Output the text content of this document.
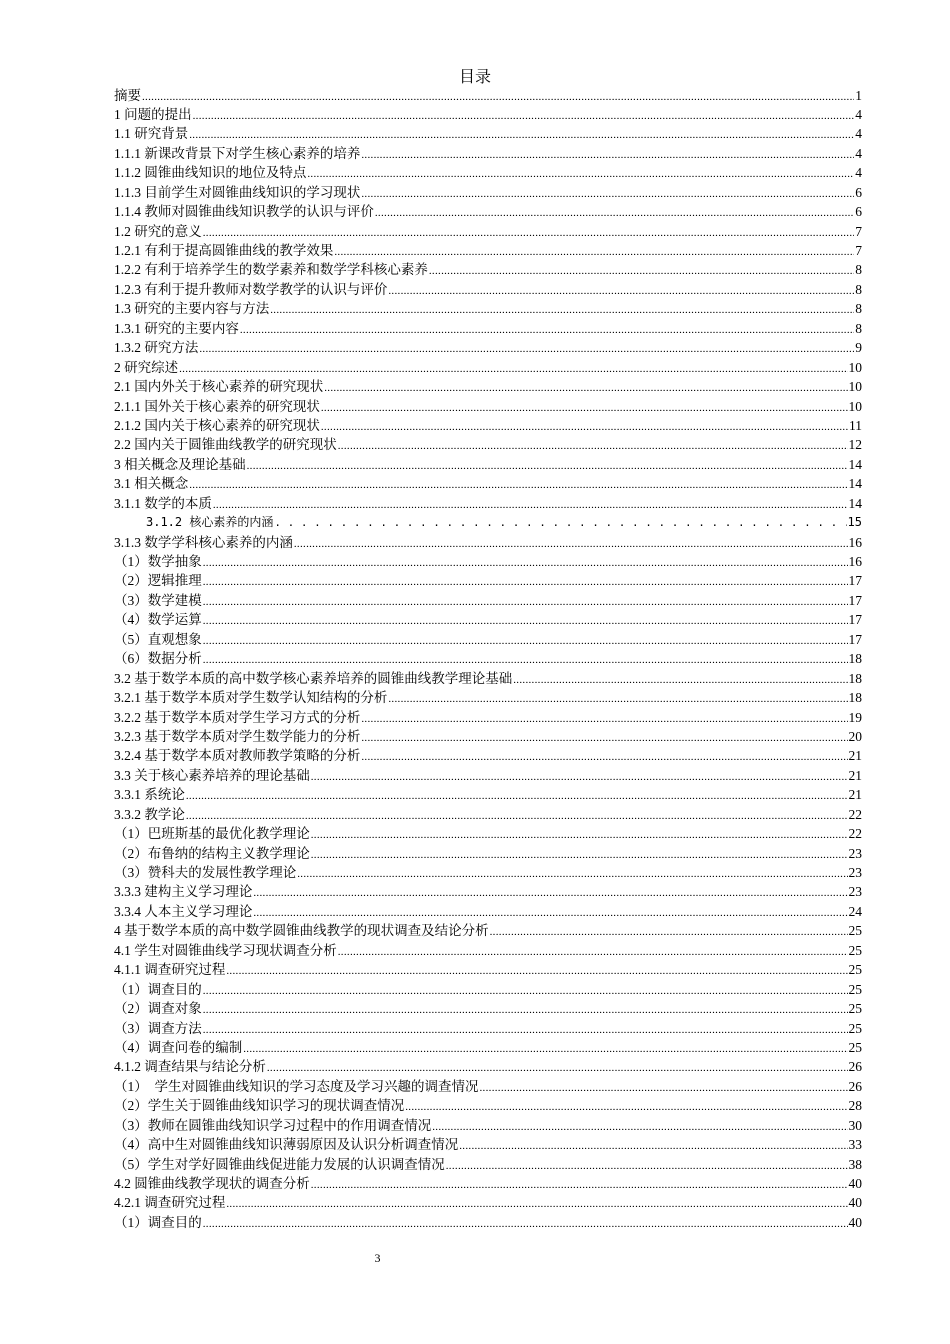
目录
摘要 .....	1
1 问题的提出 .....	4
1.1 研究背景 .....	4
1.1.1 新课改背景下对学生核心素养的培养 .....	4
1.1.2 圆锥曲线知识的地位及特点 .....	4
1.1.3 目前学生对圆锥曲线知识的学习现状 .....	6
1.1.4 教师对圆锥曲线知识教学的认识与评价 .....	6
1.2 研究的意义 .....	7
1.2.1 有利于提高圆锥曲线的教学效果 .....	7
1.2.2 有利于培养学生的数学素养和数学学科核心素养 .....	8
1.2.3 有利于提升教师对数学教学的认识与评价 .....	8
1.3 研究的主要内容与方法 .....	8
1.3.1 研究的主要内容 .....	8
1.3.2 研究方法 .....	9
2 研究综述 .....	10
2.1 国内外关于核心素养的研究现状 .....	10
2.1.1 国外关于核心素养的研究现状 .....	10
2.1.2 国内关于核心素养的研究现状 .....	11
2.2 国内关于圆锥曲线教学的研究现状 .....	12
3 相关概念及理论基础 .....	14
3.1 相关概念 .....	14
3.1.1 数学的本质 .....	14
3.1.2 核心素养的内涵 . . .	15
3.1.3 数学学科核心素养的内涵 .....	16
（1）数学抽象 .....	16
（2）逻辑推理 .....	17
（3）数学建模 .....	17
（4）数学运算 .....	17
（5）直观想象 .....	17
（6）数据分析 .....	18
3.2 基于数学本质的高中数学核心素养培养的圆锥曲线教学理论基础 .....	18
3.2.1 基于数学本质对学生数学认知结构的分析 .....	18
3.2.2 基于数学本质对学生学习方式的分析 .....	19
3.2.3 基于数学本质对学生数学能力的分析 .....	20
3.2.4 基于数学本质对教师教学策略的分析 .....	21
3.3 关于核心素养培养的理论基础 .....	21
3.3.1 系统论 .....	21
3.3.2 教学论 .....	22
（1）巴班斯基的最优化教学理论 .....	22
（2）布鲁纳的结构主义教学理论 .....	23
（3）赞科夫的发展性教学理论 .....	23
3.3.3 建构主义学习理论 .....	23
3.3.4 人本主义学习理论 .....	24
4 基于数学本质的高中数学圆锥曲线教学的现状调查及结论分析 .....	25
4.1 学生对圆锥曲线学习现状调查分析 .....	25
4.1.1 调查研究过程 .....	25
（1）调查目的 .....	25
（2）调查对象 .....	25
（3）调查方法 .....	25
（4）调查问卷的编制 .....	25
4.1.2 调查结果与结论分析 .....	26
（1）　学生对圆锥曲线知识的学习态度及学习兴趣的调查情况 .....	26
（2）学生关于圆锥曲线知识学习的现状调查情况 .....	28
（3）教师在圆锥曲线知识学习过程中的作用调查情况 .....	30
（4）高中生对圆锥曲线知识薄弱原因及认识分析调查情况 .....	33
（5）学生对学好圆锥曲线促进能力发展的认识调查情况 .....	38
4.2 圆锥曲线教学现状的调查分析 .....	40
4.2.1 调查研究过程 .....	40
（1）调查目的 .....	40
3
